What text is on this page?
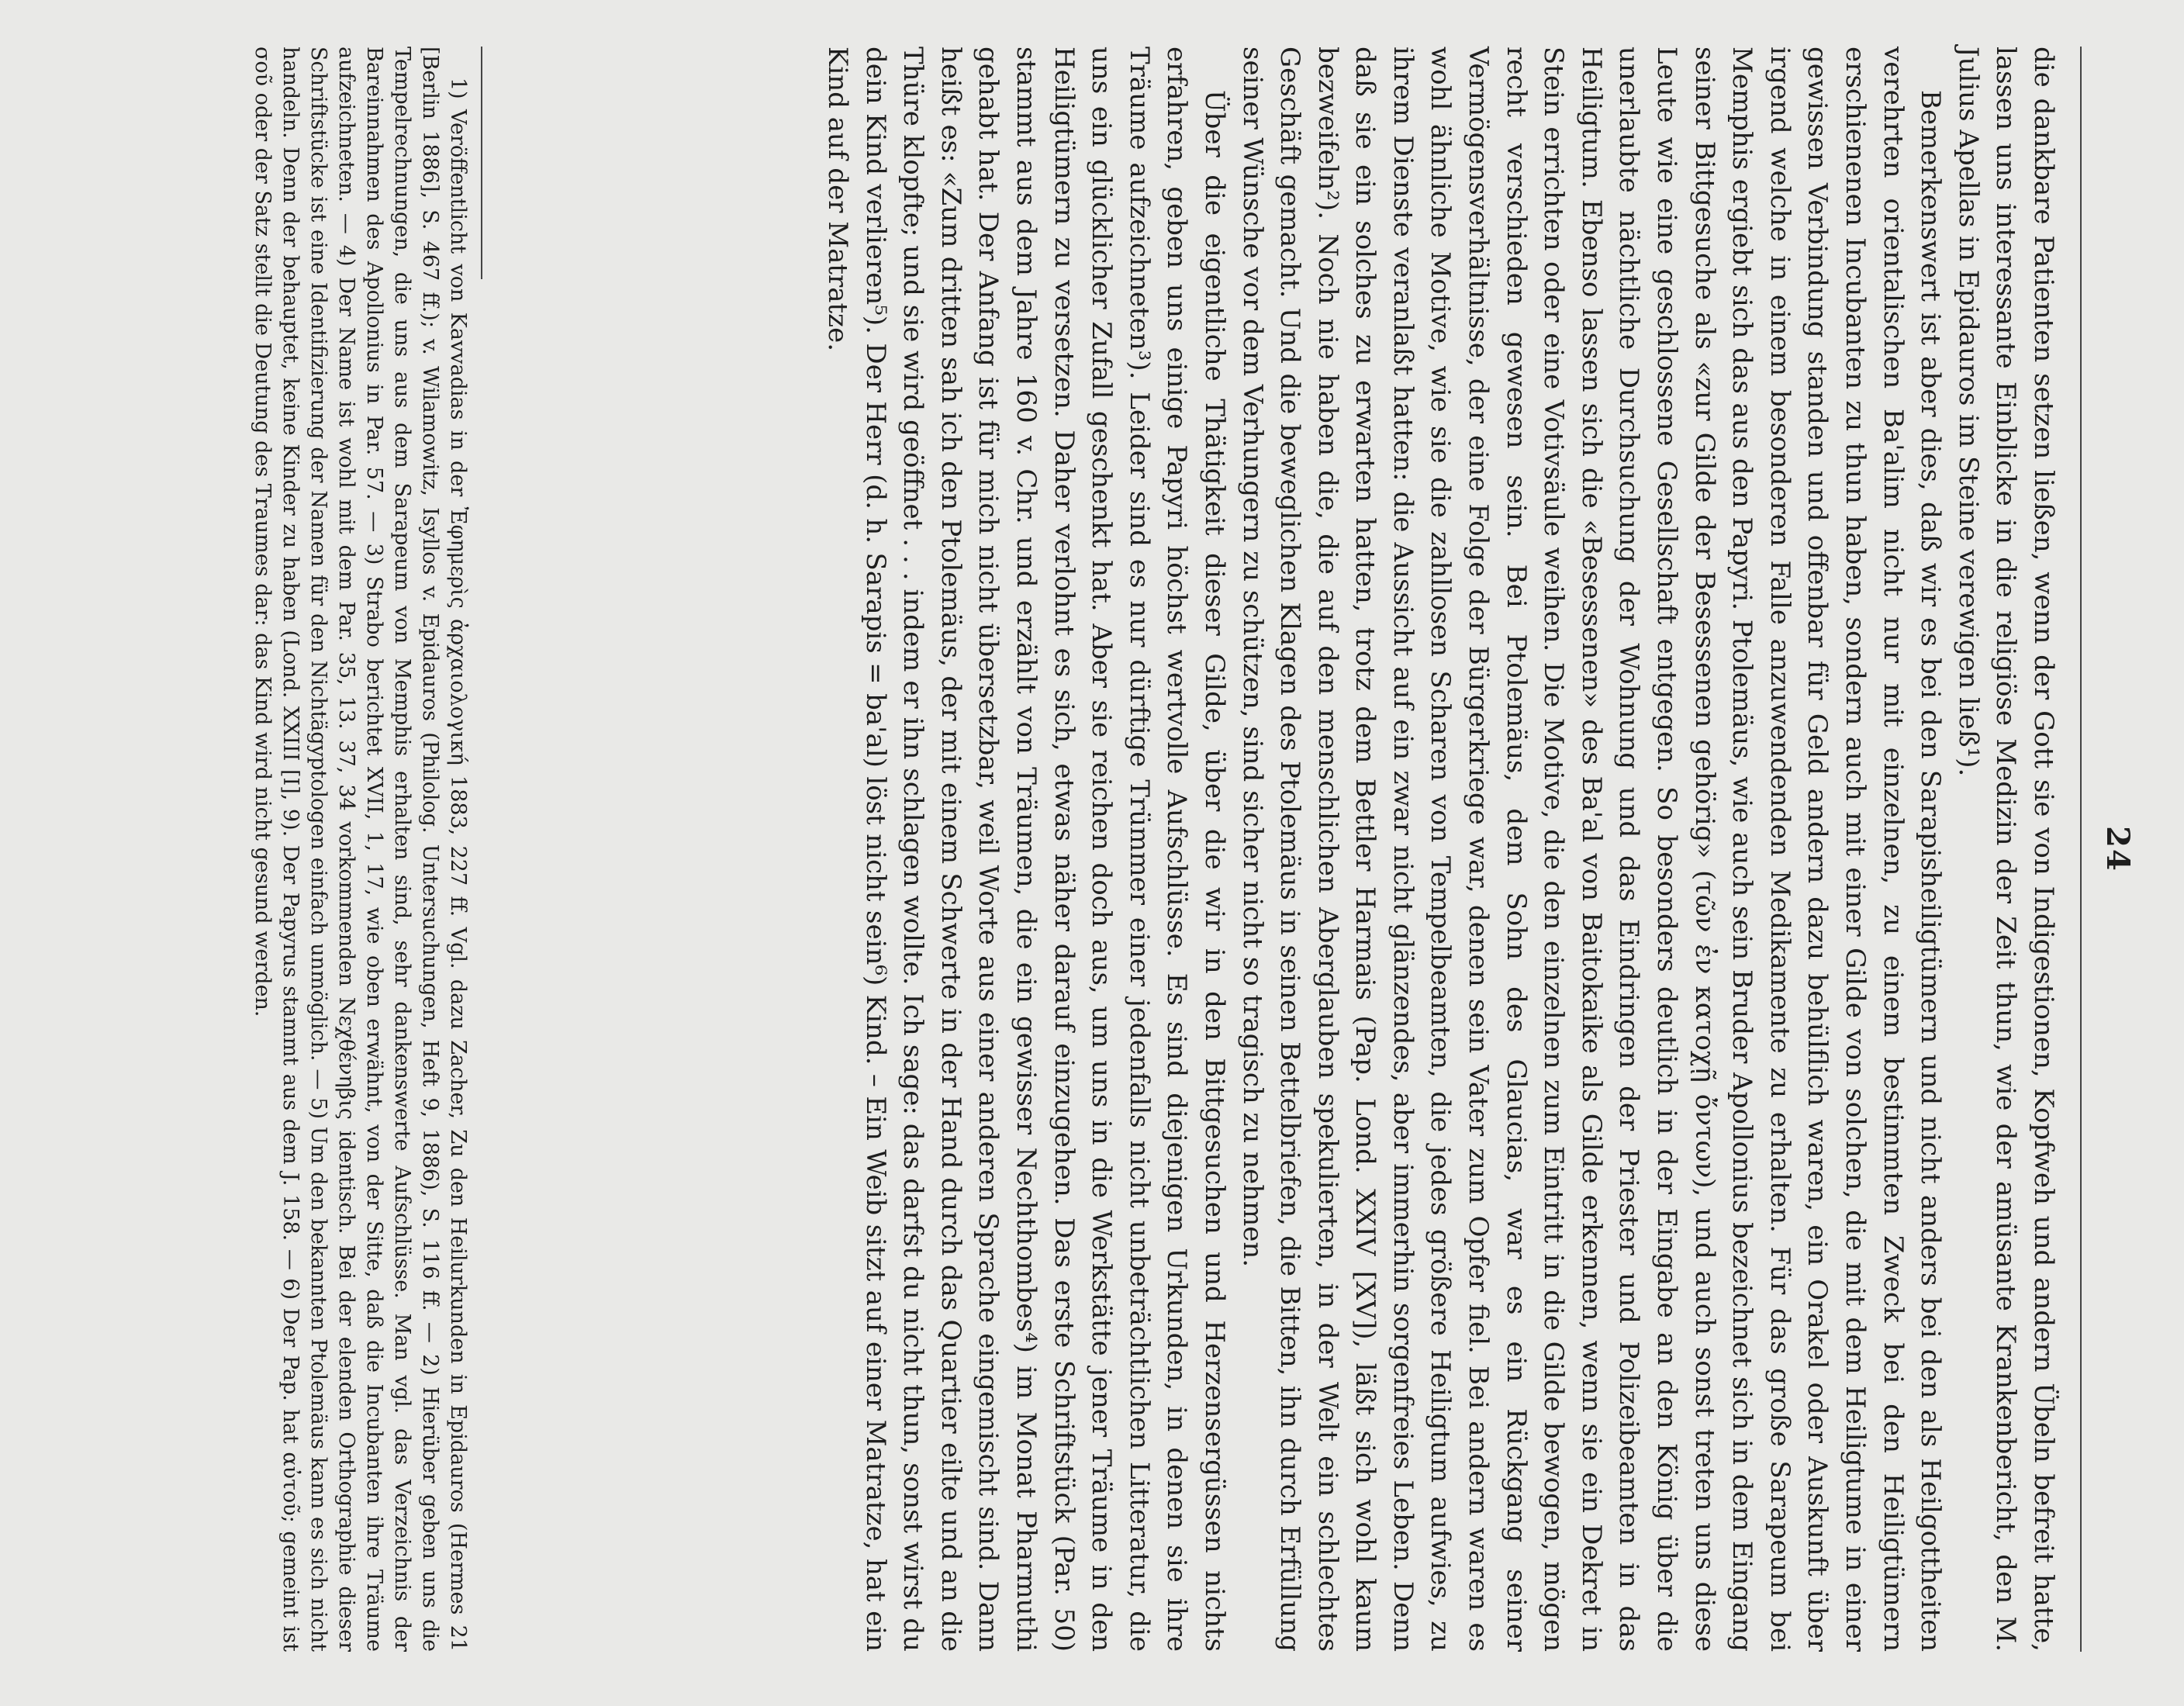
24

die dankbare Patienten setzen ließen, wenn der Gott sie von Indigestionen, Kopfweh und andern Übeln befreit hatte, lassen uns interessante Einblicke in die religiöse Medizin der Zeit thun, wie der amüsante Krankenbericht, den M. Julius Apellas in Epidauros im Steine verewigen ließ¹).

Bemerkenswert ist aber dies, daß wir es bei den Sarapisheiligtümern und nicht anders bei den als Heilgottheiten verehrten orientalischen Ba'alim nicht nur mit einzelnen, zu einem bestimmten Zweck bei den Heiligtümern erschienenen Incubanten zu thun haben, sondern auch mit einer Gilde von solchen, die mit dem Heiligtume in einer gewissen Verbindung standen und offenbar für Geld andern dazu behülflich waren, ein Orakel oder Auskunft über irgend welche in einem besonderen Falle anzuwendenden Medikamente zu erhalten. Für das große Sarapeum bei Memphis ergiebt sich das aus den Papyri. Ptolemäus, wie auch sein Bruder Apollonius bezeichnet sich in dem Eingang seiner Bittgesuche als «zur Gilde der Besessenen gehörig» (τῶν ἐν κατοχῇ ὄντων), und auch sonst treten uns diese Leute wie eine geschlossene Gesellschaft entgegen. So besonders deutlich in der Eingabe an den König über die unerlaubte nächtliche Durchsuchung der Wohnung und das Eindringen der Priester und Polizeibeamten in das Heiligtum. Ebenso lassen sich die «Besessenen» des Ba'al von Baitokaike als Gilde erkennen, wenn sie ein Dekret in Stein errichten oder eine Votivsäule weihen. Die Motive, die den einzelnen zum Eintritt in die Gilde bewogen, mögen recht verschieden gewesen sein. Bei Ptolemäus, dem Sohn des Glaucias, war es ein Rückgang seiner Vermögensverhältnisse, der eine Folge der Bürgerkriege war, denen sein Vater zum Opfer fiel. Bei andern waren es wohl ähnliche Motive, wie sie die zahllosen Scharen von Tempelbeamten, die jedes größere Heiligtum aufwies, zu ihrem Dienste veranlaßt hatten: die Aussicht auf ein zwar nicht glänzendes, aber immerhin sorgenfreies Leben. Denn daß sie ein solches zu erwarten hatten, trotz dem Bettler Harmais (Pap. Lond. XXIV [XV]), läßt sich wohl kaum bezweifeln²). Noch nie haben die, die auf den menschlichen Aberglauben spekulierten, in der Welt ein schlechtes Geschäft gemacht. Und die beweglichen Klagen des Ptolemäus in seinen Bettelbriefen, die Bitten, ihn durch Erfüllung seiner Wünsche vor dem Verhungern zu schützen, sind sicher nicht so tragisch zu nehmen.

Über die eigentliche Thätigkeit dieser Gilde, über die wir in den Bittgesuchen und Herzensergüssen nichts erfahren, geben uns einige Papyri höchst wertvolle Aufschlüsse. Es sind diejenigen Urkunden, in denen sie ihre Träume aufzeichneten³). Leider sind es nur dürftige Trümmer einer jedenfalls nicht unbeträchtlichen Litteratur, die uns ein glücklicher Zufall geschenkt hat. Aber sie reichen doch aus, um uns in die Werkstätte jener Träume in den Heiligtümern zu versetzen. Daher verlohnt es sich, etwas näher darauf einzugehen. Das erste Schriftstück (Par. 50) stammt aus dem Jahre 160 v. Chr. und erzählt von Träumen, die ein gewisser Nechthombes⁴) im Monat Pharmuthi gehabt hat. Der Anfang ist für mich nicht übersetzbar, weil Worte aus einer anderen Sprache eingemischt sind. Dann heißt es: «Zum dritten sah ich den Ptolemäus, der mit einem Schwerte in der Hand durch das Quartier eilte und an die Thüre klopfte; und sie wird geöffnet . . . indem er ihn schlagen wollte. Ich sage: das darfst du nicht thun, sonst wirst du dein Kind verlieren⁵). Der Herr (d. h. Sarapis = ba'al) löst nicht sein⁶) Kind. – Ein Weib sitzt auf einer Matratze, hat ein Kind auf der Matratze.

1) Veröffentlicht von Kavvadias in der Ἐφημερὶς ἀρχαιολογική 1883, 227 ff. Vgl. dazu Zacher, Zu den Heilurkunden in Epidauros (Hermes 21 [Berlin 1886], S. 467 ff.); v. Wilamowitz, Isyllos v. Epidauros (Philolog. Untersuchungen, Heft 9, 1886), S. 116 ff. — 2) Hierüber geben uns die Tempelrechnungen, die uns aus dem Sarapeum von Memphis erhalten sind, sehr dankenswerte Aufschlüsse. Man vgl. das Verzeichnis der Bareinnahmen des Apollonius in Par. 57. — 3) Strabo berichtet XVII, 1, 17, wie oben erwähnt, von der Sitte, daß die Incubanten ihre Träume aufzeichneten. — 4) Der Name ist wohl mit dem Par. 35, 13. 37, 34 vorkommenden Νεχθένηβις identisch. Bei der elenden Orthographie dieser Schriftstücke ist eine Identifizierung der Namen für den Nichtägyptologen einfach unmöglich. — 5) Um den bekannten Ptolemäus kann es sich nicht handeln. Denn der behauptet, keine Kinder zu haben (Lond. XXIII [I], 9). Der Papyrus stammt aus dem J. 158. — 6) Der Pap. hat αὐτοῦ; gemeint ist σοῦ oder der Satz stellt die Deutung des Traumes dar: das Kind wird nicht gesund werden.
